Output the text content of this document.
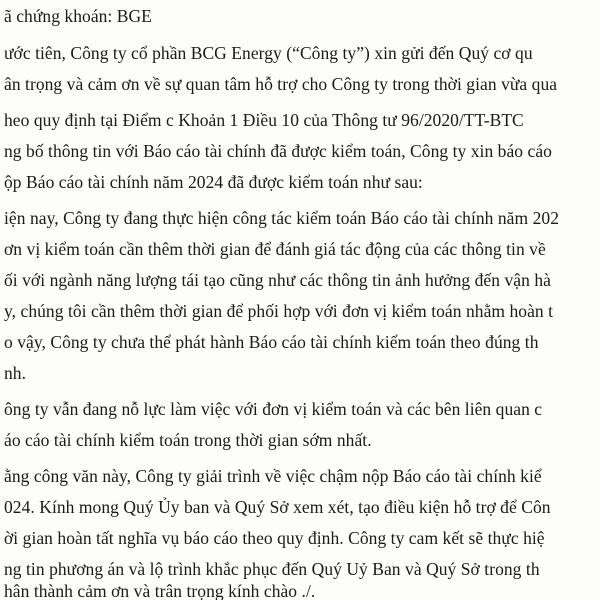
ã chứng khoán: BGE
ước tiên, Công ty cổ phần BCG Energy (“Công ty”) xin gửi đến Quý cơ qu
ân trọng và cảm ơn về sự quan tâm hỗ trợ cho Công ty trong thời gian vừa qua
heo quy định tại Điểm c Khoản 1 Điều 10 của Thông tư 96/2020/TT-BTC
ng bố thông tin với Báo cáo tài chính đã được kiểm toán, Công ty xin báo cáo
ộp Báo cáo tài chính năm 2024 đã được kiểm toán như sau:
iện nay, Công ty đang thực hiện công tác kiểm toán Báo cáo tài chính năm 202
ơn vị kiểm toán cần thêm thời gian để đánh giá tác động của các thông tin về
ối với ngành năng lượng tái tạo cũng như các thông tin ảnh hưởng đến vận hà
y, chúng tôi cần thêm thời gian để phối hợp với đơn vị kiểm toán nhằm hoàn t
o vậy, Công ty chưa thể phát hành Báo cáo tài chính kiểm toán theo đúng th
nh.
ông ty vẫn đang nỗ lực làm việc với đơn vị kiểm toán và các bên liên quan c
áo cáo tài chính kiểm toán trong thời gian sớm nhất.
ằng công văn này, Công ty giải trình về việc chậm nộp Báo cáo tài chính kiể
024. Kính mong Quý Ủy ban và Quý Sở xem xét, tạo điều kiện hỗ trợ để Côn
ời gian hoàn tất nghĩa vụ báo cáo theo quy định. Công ty cam kết sẽ thực hiệ
ng tin phương án và lộ trình khắc phục đến Quý Uỷ Ban và Quý Sở trong th
hân thành cảm ơn và trân trọng kính chào ./.
